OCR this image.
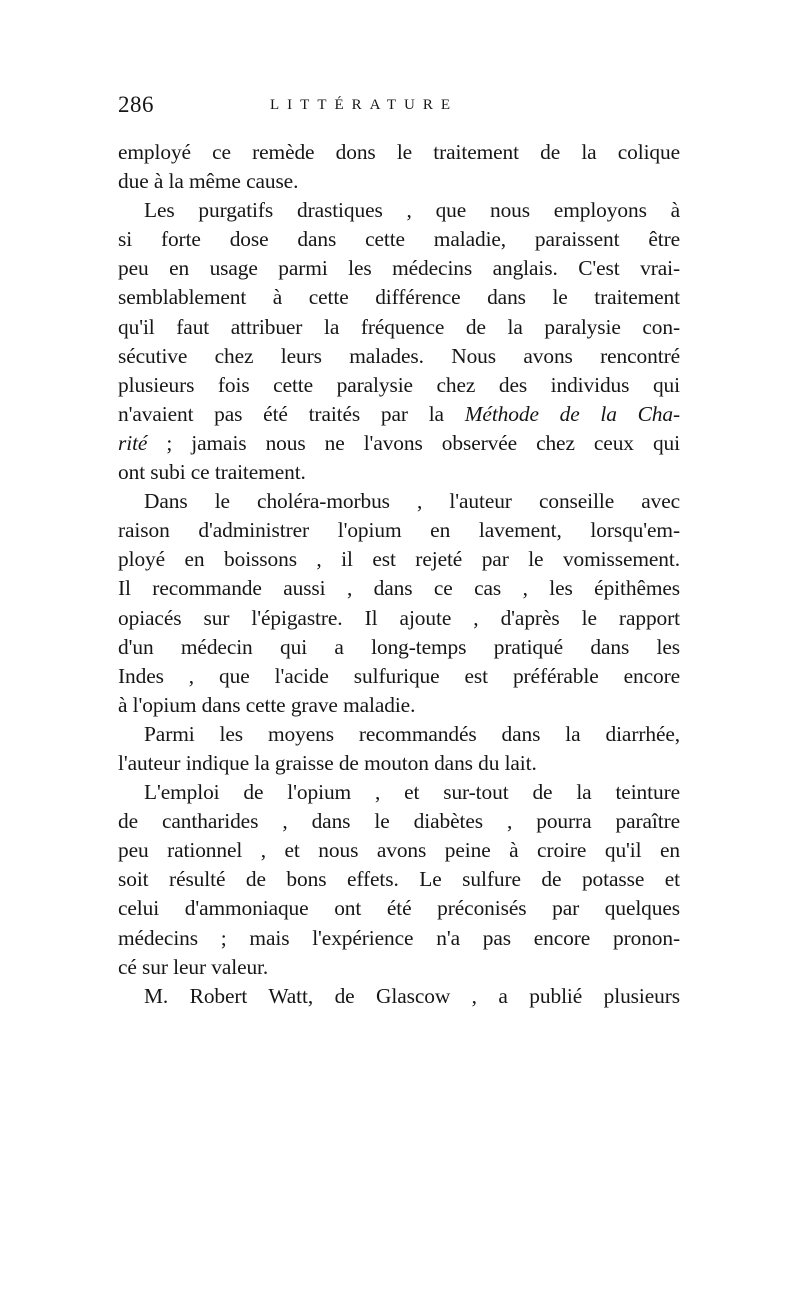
286	LITTÉRATURE
employé ce remède dons le traitement de la colique
due à la même cause.
Les purgatifs drastiques , que nous employons à
si forte dose dans cette maladie, paraissent être
peu en usage parmi les médecins anglais. C'est vrai-
semblablement à cette différence dans le traitement
qu'il faut attribuer la fréquence de la paralysie con-
sécutive chez leurs malades. Nous avons rencontré
plusieurs fois cette paralysie chez des individus qui
n'avaient pas été traités par la Méthode de la Cha-
rité ; jamais nous ne l'avons observée chez ceux qui
ont subi ce traitement.
Dans le choléra-morbus , l'auteur conseille avec
raison d'administrer l'opium en lavement, lorsqu'em-
ployé en boissons , il est rejeté par le vomissement.
Il recommande aussi , dans ce cas , les épithêmes
opiacés sur l'épigastre. Il ajoute , d'après le rapport
d'un médecin qui a long-temps pratiqué dans les
Indes , que l'acide sulfurique est préférable encore
à l'opium dans cette grave maladie.
Parmi les moyens recommandés dans la diarrhée,
l'auteur indique la graisse de mouton dans du lait.
L'emploi de l'opium , et sur-tout de la teinture
de cantharides , dans le diabètes , pourra paraître
peu rationnel , et nous avons peine à croire qu'il en
soit résulté de bons effets. Le sulfure de potasse et
celui d'ammoniaque ont été préconisés par quelques
médecins ; mais l'expérience n'a pas encore pronon-
cé sur leur valeur.
M. Robert Watt, de Glascow , a publié plusieurs
